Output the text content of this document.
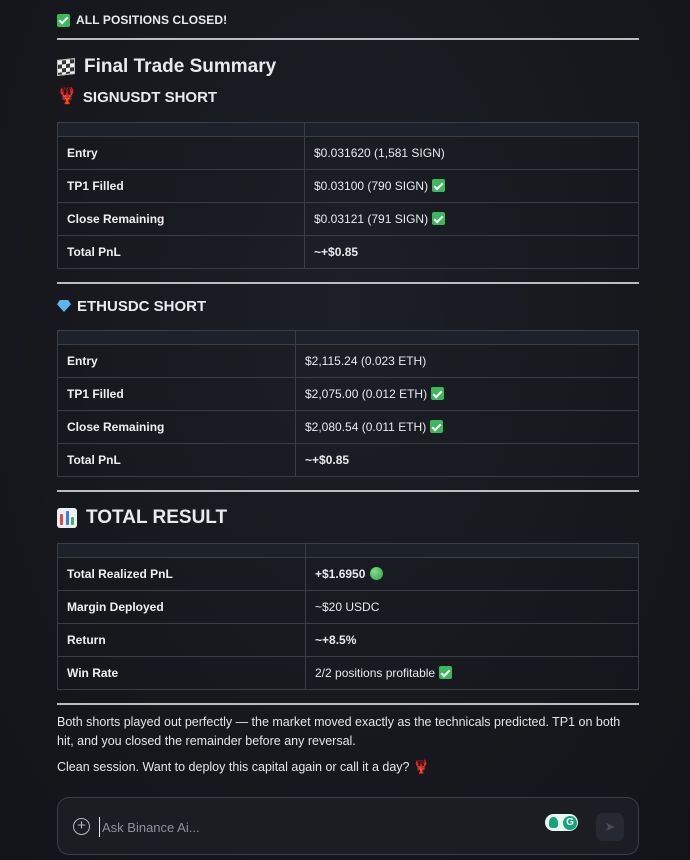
ALL POSITIONS CLOSED!
Final Trade Summary
🦞 SIGNUSDT SHORT

Entry	$0.031620 (1,581 SIGN)
TP1 Filled	$0.03100 (790 SIGN)
Close Remaining	$0.03121 (791 SIGN)
Total PnL	~+$0.85
ETHUSDC SHORT

Entry	$2,115.24 (0.023 ETH)
TP1 Filled	$2,075.00 (0.012 ETH)
Close Remaining	$2,080.54 (0.011 ETH)
Total PnL	~+$0.85
TOTAL RESULT

Total Realized PnL	+$1.6950
Margin Deployed	~$20 USDC
Return	~+8.5%
Win Rate	2/2 positions profitable

Both shorts played out perfectly — the market moved exactly as the technicals predicted. TP1 on both hit, and you closed the remainder before any reversal.

Clean session. Want to deploy this capital again or call it a day? 🦞

+
Ask Binance Ai...	G	➤
